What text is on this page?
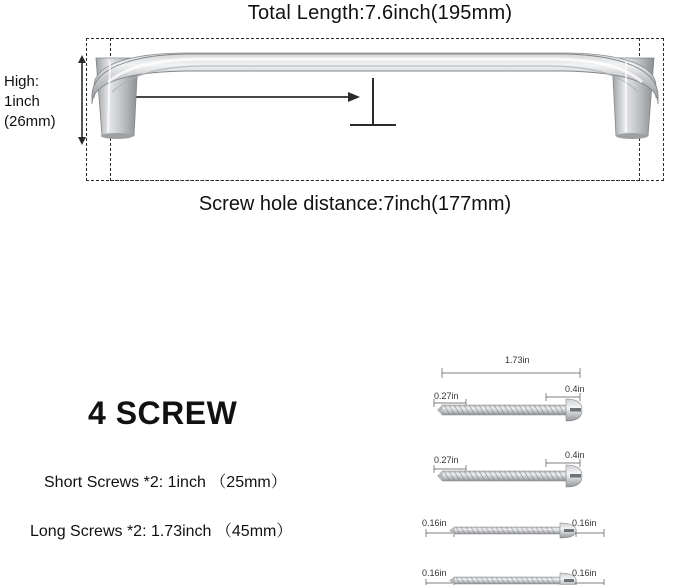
Total Length:7.6inch(195mm)
High:
1inch
(26mm)
Screw hole distance:7inch(177mm)
4 SCREW
Short Screws *2: 1inch （25mm）
Long Screws *2: 1.73inch （45mm）
1.73in
0.27in
0.4in
0.27in	0.4in
0.16in	0.16in
0.16in	0.16in
